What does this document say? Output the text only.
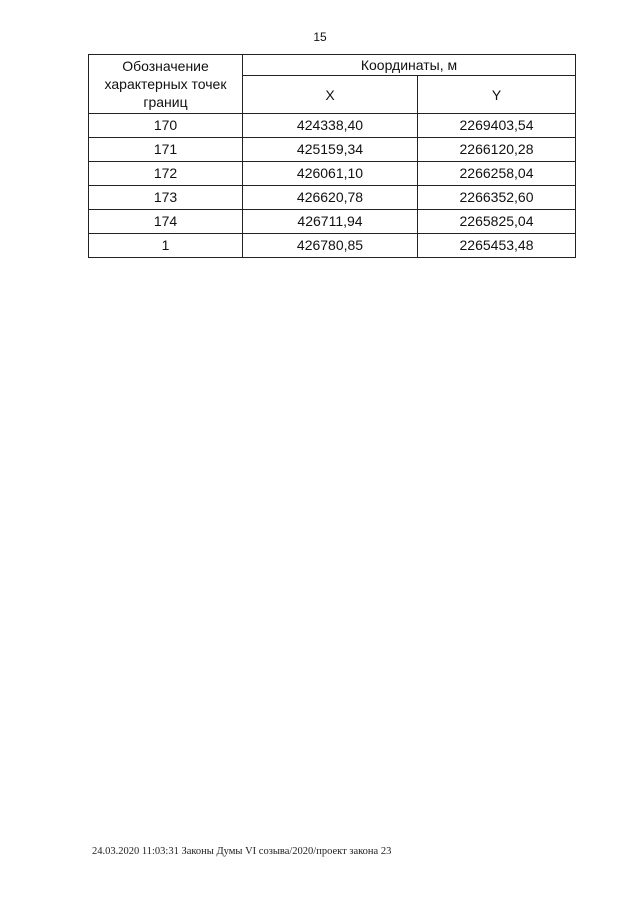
15
Обозначение
характерных точек
границ	Координаты, м	
	X	Y
170	424338,40	2269403,54
171	425159,34	2266120,28
172	426061,10	2266258,04
173	426620,78	2266352,60
174	426711,94	2265825,04
1	426780,85	2265453,48
24.03.2020 11:03:31 Законы Думы VI созыва/2020/проект закона 23
